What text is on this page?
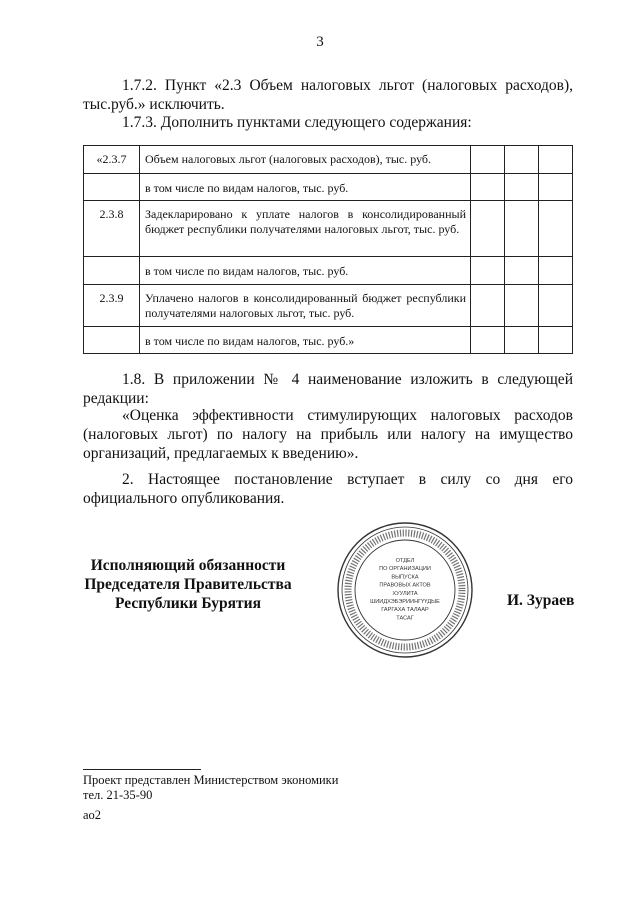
3

1.7.2. Пункт «2.3 Объем налоговых льгот (налоговых расходов), тыс.руб.» исключить.

1.7.3. Дополнить пунктами следующего содержания:

«2.3.7	Объем налоговых льгот (налоговых расходов), тыс. руб.			
	в том числе по видам налогов, тыс. руб.			
2.3.8	Задекларировано к уплате налогов в консолидированный бюджет республики получателями налоговых льгот, тыс. руб.			
	в том числе по видам налогов, тыс. руб.			
2.3.9	Уплачено налогов в консолидированный бюджет республики получателями налоговых льгот, тыс. руб.			
	в том числе по видам налогов, тыс. руб.»			

1.8. В приложении № 4 наименование изложить в следующей редакции:

«Оценка эффективности стимулирующих налоговых расходов (налоговых льгот) по налогу на прибыль или налогу на имущество организаций, предлагаемых к введению».

2. Настоящее постановление вступает в силу со дня его официального опубликования.

Исполняющий обязанности
Председателя Правительства
Республики Бурятия
ОТДЕЛ
ПО ОРГАНИЗАЦИИ
ВЫПУСКА
ПРАВОВЫХ АКТОВ
ХУУЛИТА
ШИИДХЭБЭРИИНГҮҮДЫЕ
ГАРГАХА ТАЛААР
ТАСАГ
И. Зураев
Проект представлен Министерством экономики
тел. 21-35-90
ао2
